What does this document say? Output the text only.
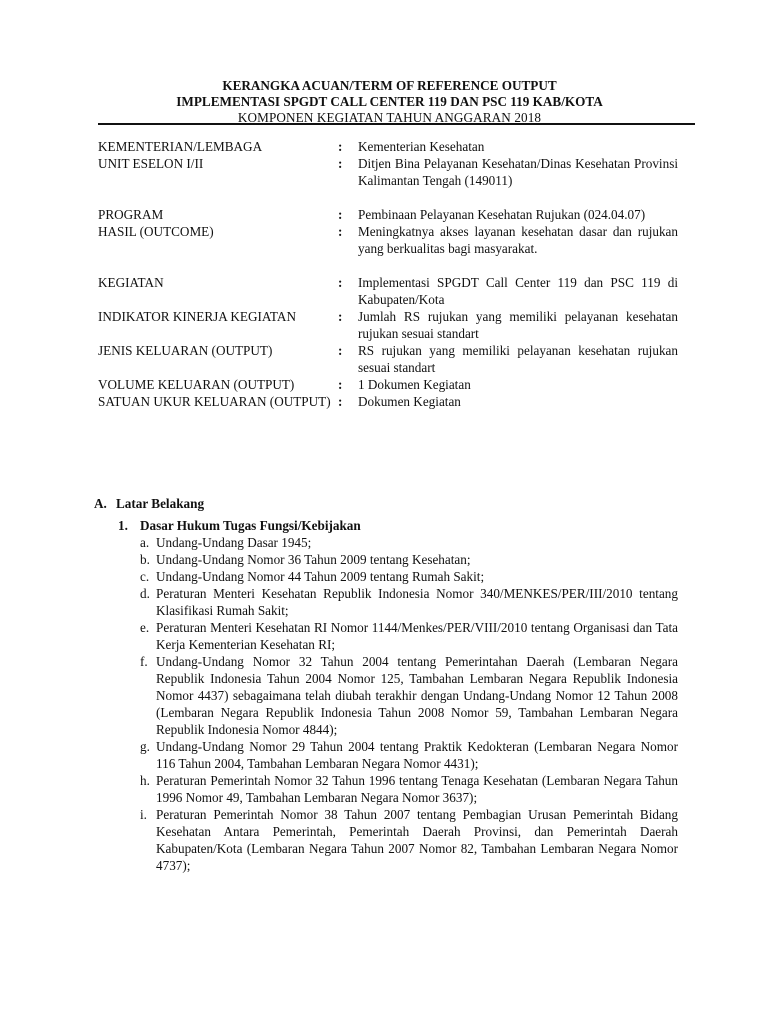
KERANGKA ACUAN/TERM OF REFERENCE OUTPUT
IMPLEMENTASI SPGDT CALL CENTER 119 DAN PSC 119 KAB/KOTA
KOMPONEN KEGIATAN TAHUN ANGGARAN 2018
KEMENTERIAN/LEMBAGA	:	Kementerian Kesehatan
UNIT ESELON I/II	:	Ditjen Bina Pelayanan Kesehatan/Dinas Kesehatan Provinsi Kalimantan Tengah (149011)
PROGRAM	:	Pembinaan Pelayanan Kesehatan Rujukan (024.04.07)
HASIL (OUTCOME)	:	Meningkatnya akses layanan kesehatan dasar dan rujukan yang berkualitas bagi masyarakat.
KEGIATAN	:	Implementasi SPGDT Call Center 119 dan PSC 119 di Kabupaten/Kota
INDIKATOR KINERJA KEGIATAN	:	Jumlah RS rujukan yang memiliki pelayanan kesehatan rujukan sesuai standart
JENIS KELUARAN (OUTPUT)	:	RS rujukan yang memiliki pelayanan kesehatan rujukan sesuai standart
VOLUME KELUARAN (OUTPUT)	:	1 Dokumen Kegiatan
SATUAN UKUR KELUARAN (OUTPUT) :	Dokumen Kegiatan
A. Latar Belakang
1. Dasar Hukum Tugas Fungsi/Kebijakan
a. Undang-Undang Dasar 1945;
b. Undang-Undang Nomor 36 Tahun 2009 tentang Kesehatan;
c. Undang-Undang Nomor 44 Tahun 2009 tentang Rumah Sakit;
d. Peraturan Menteri Kesehatan Republik Indonesia Nomor 340/MENKES/PER/III/2010 tentang Klasifikasi Rumah Sakit;
e. Peraturan Menteri Kesehatan RI Nomor 1144/Menkes/PER/VIII/2010 tentang Organisasi dan Tata Kerja Kementerian Kesehatan RI;
f. Undang-Undang Nomor 32 Tahun 2004 tentang Pemerintahan Daerah (Lembaran Negara Republik Indonesia Tahun 2004 Nomor 125, Tambahan Lembaran Negara Republik Indonesia Nomor 4437) sebagaimana telah diubah terakhir dengan Undang-Undang Nomor 12 Tahun 2008 (Lembaran Negara Republik Indonesia Tahun 2008 Nomor 59, Tambahan Lembaran Negara Republik Indonesia Nomor 4844);
g. Undang-Undang Nomor 29 Tahun 2004 tentang Praktik Kedokteran (Lembaran Negara Nomor 116 Tahun 2004, Tambahan Lembaran Negara Nomor 4431);
h. Peraturan Pemerintah Nomor 32 Tahun 1996 tentang Tenaga Kesehatan (Lembaran Negara Tahun 1996 Nomor 49, Tambahan Lembaran Negara Nomor 3637);
i. Peraturan Pemerintah Nomor 38 Tahun 2007 tentang Pembagian Urusan Pemerintah Bidang Kesehatan Antara Pemerintah, Pemerintah Daerah Provinsi, dan Pemerintah Daerah Kabupaten/Kota (Lembaran Negara Tahun 2007 Nomor 82, Tambahan Lembaran Negara Nomor 4737);
